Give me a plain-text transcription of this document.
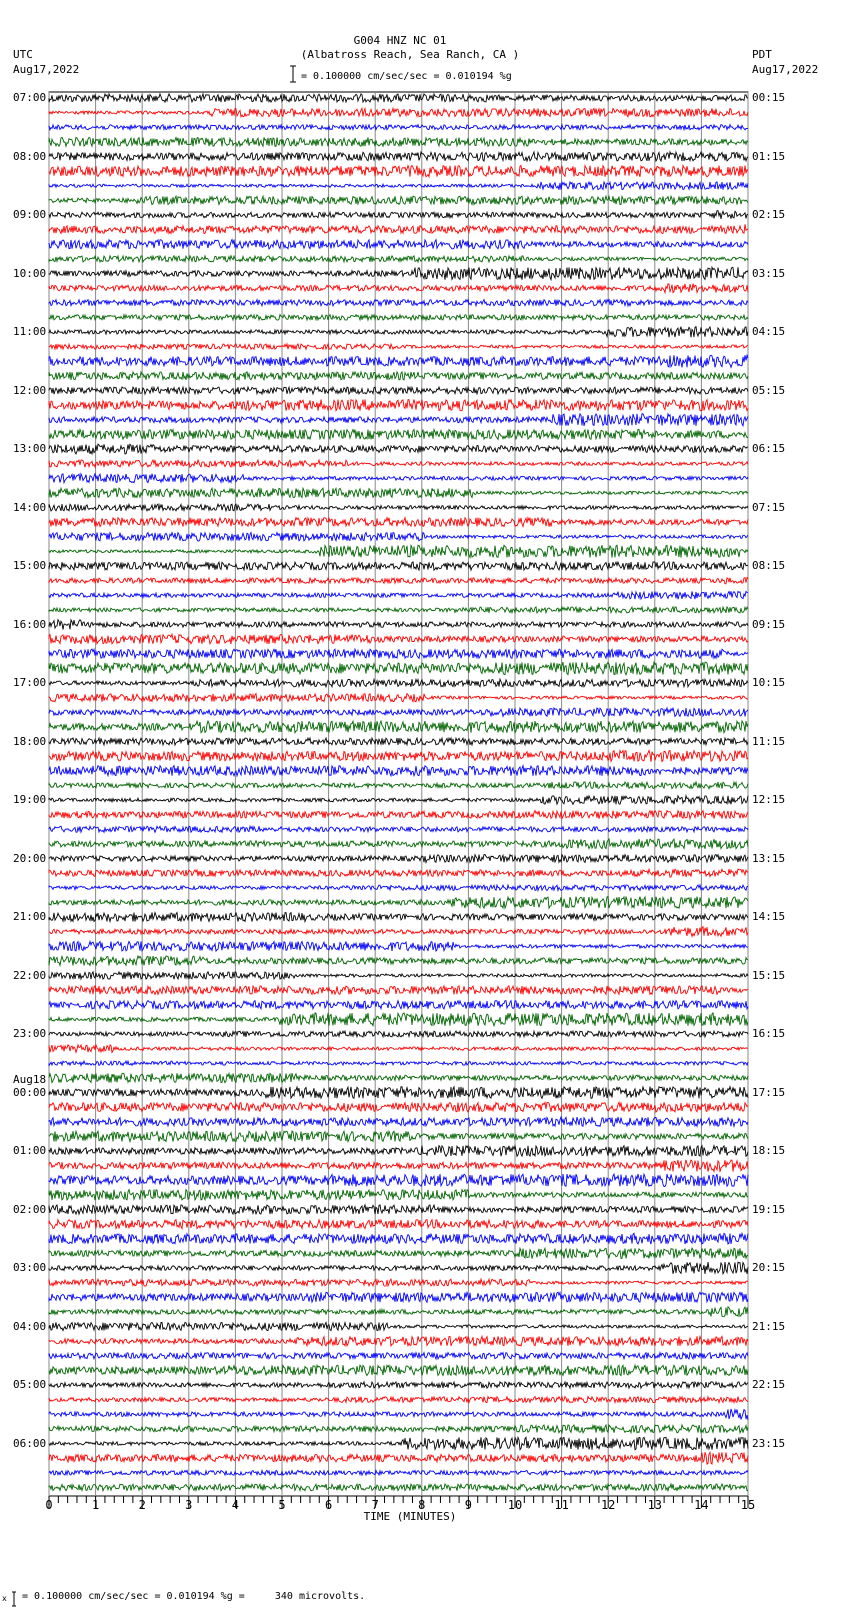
G004 HNZ NC 01
(Albatross Reach, Sea Ranch, CA )
UTC
Aug17,2022
PDT
Aug17,2022
= 0.100000 cm/sec/sec = 0.010194 %g
x = 0.100000 cm/sec/sec = 0.010194 %g =     340 microvolts.
TIME (MINUTES)
0	1	2	3	4	5	6	7	8	9	10	11	12	13	14	15
07:00
08:00
09:00
10:00
11:00
12:00
13:00
14:00
15:00
16:00
17:00
18:00
19:00
20:00
21:00
22:00
23:00
00:00
Aug18
01:00
02:00
03:00
04:00
05:00
06:00
00:15
01:15
02:15
03:15
04:15
05:15
06:15
07:15
08:15
09:15
10:15
11:15
12:15
13:15
14:15
15:15
16:15
17:15
18:15
19:15
20:15
21:15
22:15
23:15
